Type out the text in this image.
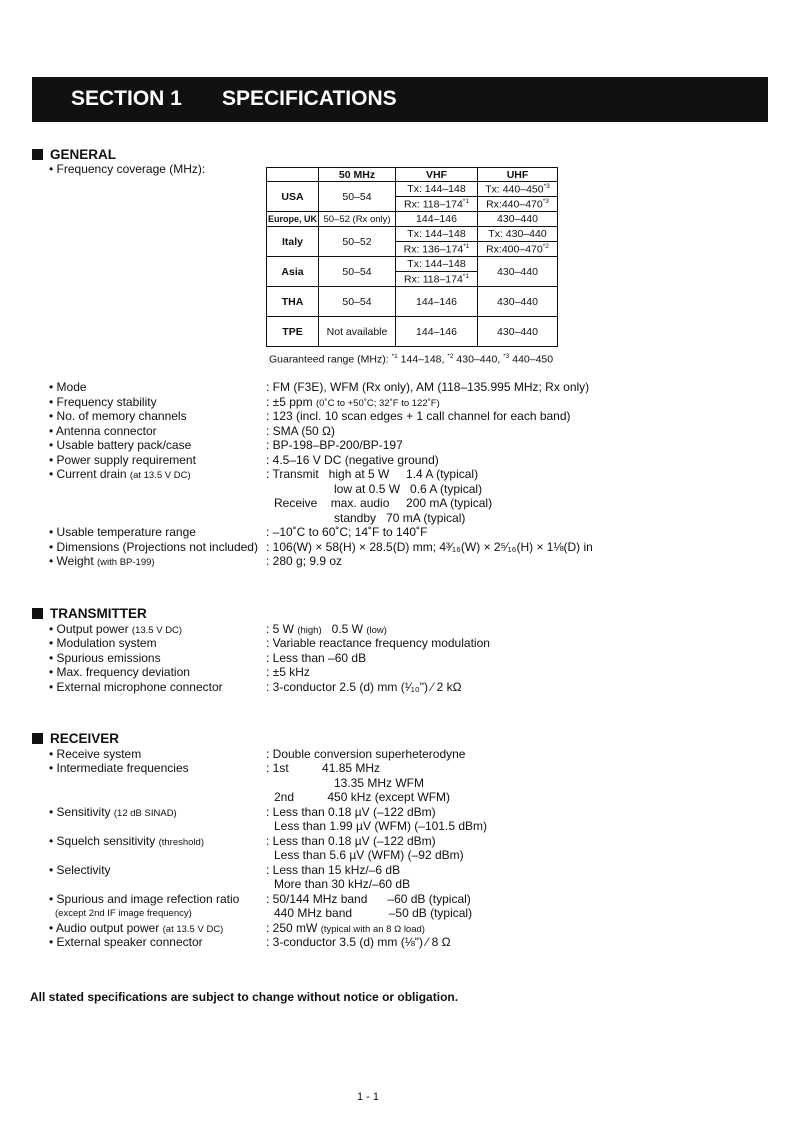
SECTION 1 SPECIFICATIONS
GENERAL
• Frequency coverage (MHz):
		50 MHz	VHF	UHF
USA	50–54	Tx: 144–148	Tx: 440–450$^{*3}$
		Rx: 118–174$^{*1}$	Rx:440–470$^{*3}$
Europe, UK	50–52 (Rx only)	144–146	430–440
Italy	50–52	Tx: 144–148	Tx: 430–440
		Rx: 136–174$^{*1}$	Rx:400–470$^{*2}$
Asia	50–54	Tx: 144–148	430–440
		Rx: 118–174$^{*1}$
THA	50–54	144–146	430–440
TPE	Not available	144–146	430–440
Guaranteed range (MHz): $^{*1}$ 144–148, $^{*2}$ 430–440, $^{*3}$ 440–450
• Mode	: FM (F3E), WFM (Rx only), AM (118–135.995 MHz; Rx only)
• Frequency stability	: ±5 ppm (0˚C to +50˚C; 32˚F to 122˚F)
• No. of memory channels	: 123 (incl. 10 scan edges + 1 call channel for each band)
• Antenna connector	: SMA (50 Ω)
• Usable battery pack/case	: BP-198–BP-200/BP-197
• Power supply requirement	: 4.5–16 V DC (negative ground)
• Current drain (at 13.5 V DC)	: Transmit   high at 5 W     1.4 A (typical)
low at 0.5 W   0.6 A (typical)
Receive    max. audio     200 mA (typical)
standby   70 mA (typical)
• Usable temperature range	: –10˚C to 60˚C; 14˚F to 140˚F
• Dimensions (Projections not included) : 106(W) × 58(H) × 28.5(D) mm; 4³⁄₁₆(W) × 2⁵⁄₁₆(H) × 1⅛(D) in
• Weight (with BP-199)	: 280 g; 9.9 oz
TRANSMITTER
• Output power (13.5 V DC)	: 5 W (high)   0.5 W (low)
• Modulation system	: Variable reactance frequency modulation
• Spurious emissions	: Less than –60 dB
• Max. frequency deviation	: ±5 kHz
• External microphone connector	: 3-conductor 2.5 (d) mm (¹⁄₁₀") ⁄ 2 kΩ
RECEIVER
• Receive system	: Double conversion superheterodyne
• Intermediate frequencies	: 1st          41.85 MHz
13.35 MHz WFM
2nd          450 kHz (except WFM)
• Sensitivity (12 dB SINAD)	: Less than 0.18 µV (–122 dBm)
Less than 1.99 µV (WFM) (–101.5 dBm)
• Squelch sensitivity (threshold)	: Less than 0.18 µV (–122 dBm)
Less than 5.6 µV (WFM) (–92 dBm)
• Selectivity	: Less than 15 kHz/–6 dB
More than 30 kHz/–60 dB
• Spurious and image refection ratio
(except 2nd IF image frequency)
: 50/144 MHz band      –60 dB (typical)
440 MHz band           –50 dB (typical)
• Audio output power (at 13.5 V DC)	: 250 mW (typical with an 8 Ω load)
• External speaker connector	: 3-conductor 3.5 (d) mm (⅛") ⁄ 8 Ω
All stated specifications are subject to change without notice or obligation.
1 - 1
